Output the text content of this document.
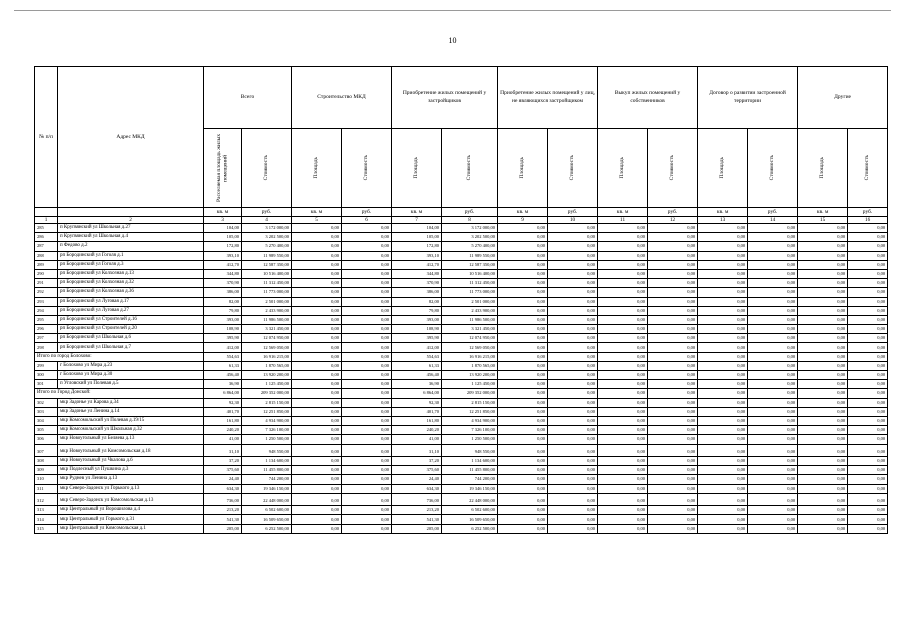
10
№ п/п	Адрес МКД	Всего		Строительство МКД		Приобретение жилых помещений у застройщиков		Приобретение жилых помещений у лиц, не являющихся застройщиком		Выкуп жилых помещений у собственников		Договор о развитии застроенной территории		Другие	

		Расселяемая площадь жилых помещений	Стоимость	Площадь	Стоимость	Площадь	Стоимость	Площадь	Стоимость	Площадь	Стоимость	Площадь	Стоимость	Площадь	Стоимость

		кв. м	руб.	кв. м	руб.	кв. м	руб.	кв. м	руб.	кв. м	руб.	кв. м	руб.	кв. м	руб.
1	2	3	4	5	6	7	8	9	10	11	12	13	14	15	16
285	п Кругвянский ул Школьная д.27	104,00	3 172 000,00	0,00	0,00	104,00	3 172 000,00	0,00	0,00	0,00	0,00	0,00	0,00	0,00	0,00
286	п Кругвянский ул Школьная д.4	105,00	3 202 500,00	0,00	0,00	105,00	3 202 500,00	0,00	0,00	0,00	0,00	0,00	0,00	0,00	0,00
287	п Федово д.2	172,80	5 270 400,00	0,00	0,00	172,80	5 270 400,00	0,00	0,00	0,00	0,00	0,00	0,00	0,00	0,00
288	рп Бородинский ул Гоголя д.1	393,10	11 989 550,00	0,00	0,00	393,10	11 989 550,00	0,00	0,00	0,00	0,00	0,00	0,00	0,00	0,00
289	рп Бородинский ул Гоголя д.3	412,70	12 587 350,00	0,00	0,00	412,70	12 587 350,00	0,00	0,00	0,00	0,00	0,00	0,00	0,00	0,00
290	рп Бородинский ул Колхозная д.13	344,80	10 516 400,00	0,00	0,00	344,80	10 516 400,00	0,00	0,00	0,00	0,00	0,00	0,00	0,00	0,00
291	рп Бородинский ул Колхозная д.32	370,90	11 312 450,00	0,00	0,00	370,90	11 312 450,00	0,00	0,00	0,00	0,00	0,00	0,00	0,00	0,00
292	рп Бородинский ул Колхозная д.36	386,00	11 773 000,00	0,00	0,00	386,00	11 773 000,00	0,00	0,00	0,00	0,00	0,00	0,00	0,00	0,00
293	рп Бородинский ул Луговая д.17	82,00	2 501 000,00	0,00	0,00	82,00	2 501 000,00	0,00	0,00	0,00	0,00	0,00	0,00	0,00	0,00
294	рп Бородинский ул Луговая д.27	79,80	2 433 900,00	0,00	0,00	79,80	2 433 900,00	0,00	0,00	0,00	0,00	0,00	0,00	0,00	0,00
295	рп Бородинский ул Строителей д.16	393,00	11 986 500,00	0,00	0,00	393,00	11 986 500,00	0,00	0,00	0,00	0,00	0,00	0,00	0,00	0,00
296	рп Бородинский ул Строителей д.20	108,90	3 321 450,00	0,00	0,00	108,90	3 321 450,00	0,00	0,00	0,00	0,00	0,00	0,00	0,00	0,00
297	рп Бородинский ул Школьная д.6	395,90	12 074 950,00	0,00	0,00	395,90	12 074 950,00	0,00	0,00	0,00	0,00	0,00	0,00	0,00	0,00
298	рп Бородинский ул Школьная д.7	412,00	12 569 050,00	0,00	0,00	412,00	12 569 050,00	0,00	0,00	0,00	0,00	0,00	0,00	0,00	0,00
Итого по город Болохово:		554,63	16 916 215,00	0,00	0,00	554,63	16 916 215,00	0,00	0,00	0,00	0,00	0,00	0,00	0,00	0,00
299	г Болохово ул Мира д.23	61,33	1 870 565,00	0,00	0,00	61,33	1 870 565,00	0,00	0,00	0,00	0,00	0,00	0,00	0,00	0,00
300	г Болохово ул Мира д.30	456,40	13 920 200,00	0,00	0,00	456,40	13 920 200,00	0,00	0,00	0,00	0,00	0,00	0,00	0,00	0,00
301	п Угловский ул Полевая д.5	36,90	1 125 450,00	0,00	0,00	36,90	1 125 450,00	0,00	0,00	0,00	0,00	0,00	0,00	0,00	0,00
Итого по Город Донской:		6 864,00	209 352 000,00	0,00	0,00	6 864,00	209 352 000,00	0,00	0,00	0,00	0,00	0,00	0,00	0,00	0,00
302	мкр Задонье ул Карова д.34	92,30	2 815 150,00	0,00	0,00	92,30	2 815 150,00	0,00	0,00	0,00	0,00	0,00	0,00	0,00	0,00
303	мкр Задонье ул Ленина д.14	401,70	12 251 850,00	0,00	0,00	401,70	12 251 850,00	0,00	0,00	0,00	0,00	0,00	0,00	0,00	0,00
304	мкр Комсомольский ул Полевая д.19/15	161,80	4 934 900,00	0,00	0,00	161,80	4 934 900,00	0,00	0,00	0,00	0,00	0,00	0,00	0,00	0,00
305	мкр Комсомольский ул Школьная д.32	240,20	7 326 100,00	0,00	0,00	240,20	7 326 100,00	0,00	0,00	0,00	0,00	0,00	0,00	0,00	0,00
306	мкр Новоугольный ул Беляева д.13	41,00	1 250 500,00	0,00	0,00	41,00	1 250 500,00	0,00	0,00	0,00	0,00	0,00	0,00	0,00	0,00
307	мкр Новоугольный ул Комсомольская д.18	31,10	948 550,00	0,00	0,00	31,10	948 550,00	0,00	0,00	0,00	0,00	0,00	0,00	0,00	0,00
308	мкр Новоугольный ул Чкалова д.6	37,20	1 134 600,00	0,00	0,00	37,20	1 134 600,00	0,00	0,00	0,00	0,00	0,00	0,00	0,00	0,00
309	мкр Подлесный ул Пушкина д.3	375,60	11 455 800,00	0,00	0,00	375,60	11 455 800,00	0,00	0,00	0,00	0,00	0,00	0,00	0,00	0,00
310	мкр Руднев ул Ленина д.13	24,40	744 200,00	0,00	0,00	24,40	744 200,00	0,00	0,00	0,00	0,00	0,00	0,00	0,00	0,00
311	мкр Северо-Задонск ул Горького д.13	634,30	19 346 150,00	0,00	0,00	634,30	19 346 150,00	0,00	0,00	0,00	0,00	0,00	0,00	0,00	0,00
312	мкр Северо-Задонск ул Комсомольская д.13	736,00	22 448 000,00	0,00	0,00	736,00	22 448 000,00	0,00	0,00	0,00	0,00	0,00	0,00	0,00	0,00
313	мкр Центральный ул Ворошилова д.4	213,20	6 502 600,00	0,00	0,00	213,20	6 502 600,00	0,00	0,00	0,00	0,00	0,00	0,00	0,00	0,00
314	мкр Центральный ул Горького д.31	541,30	16 509 650,00	0,00	0,00	541,30	16 509 650,00	0,00	0,00	0,00	0,00	0,00	0,00	0,00	0,00
315	мкр Центральный ул Комсомольская д.1	205,00	6 252 500,00	0,00	0,00	205,00	6 252 500,00	0,00	0,00	0,00	0,00	0,00	0,00	0,00	0,00
